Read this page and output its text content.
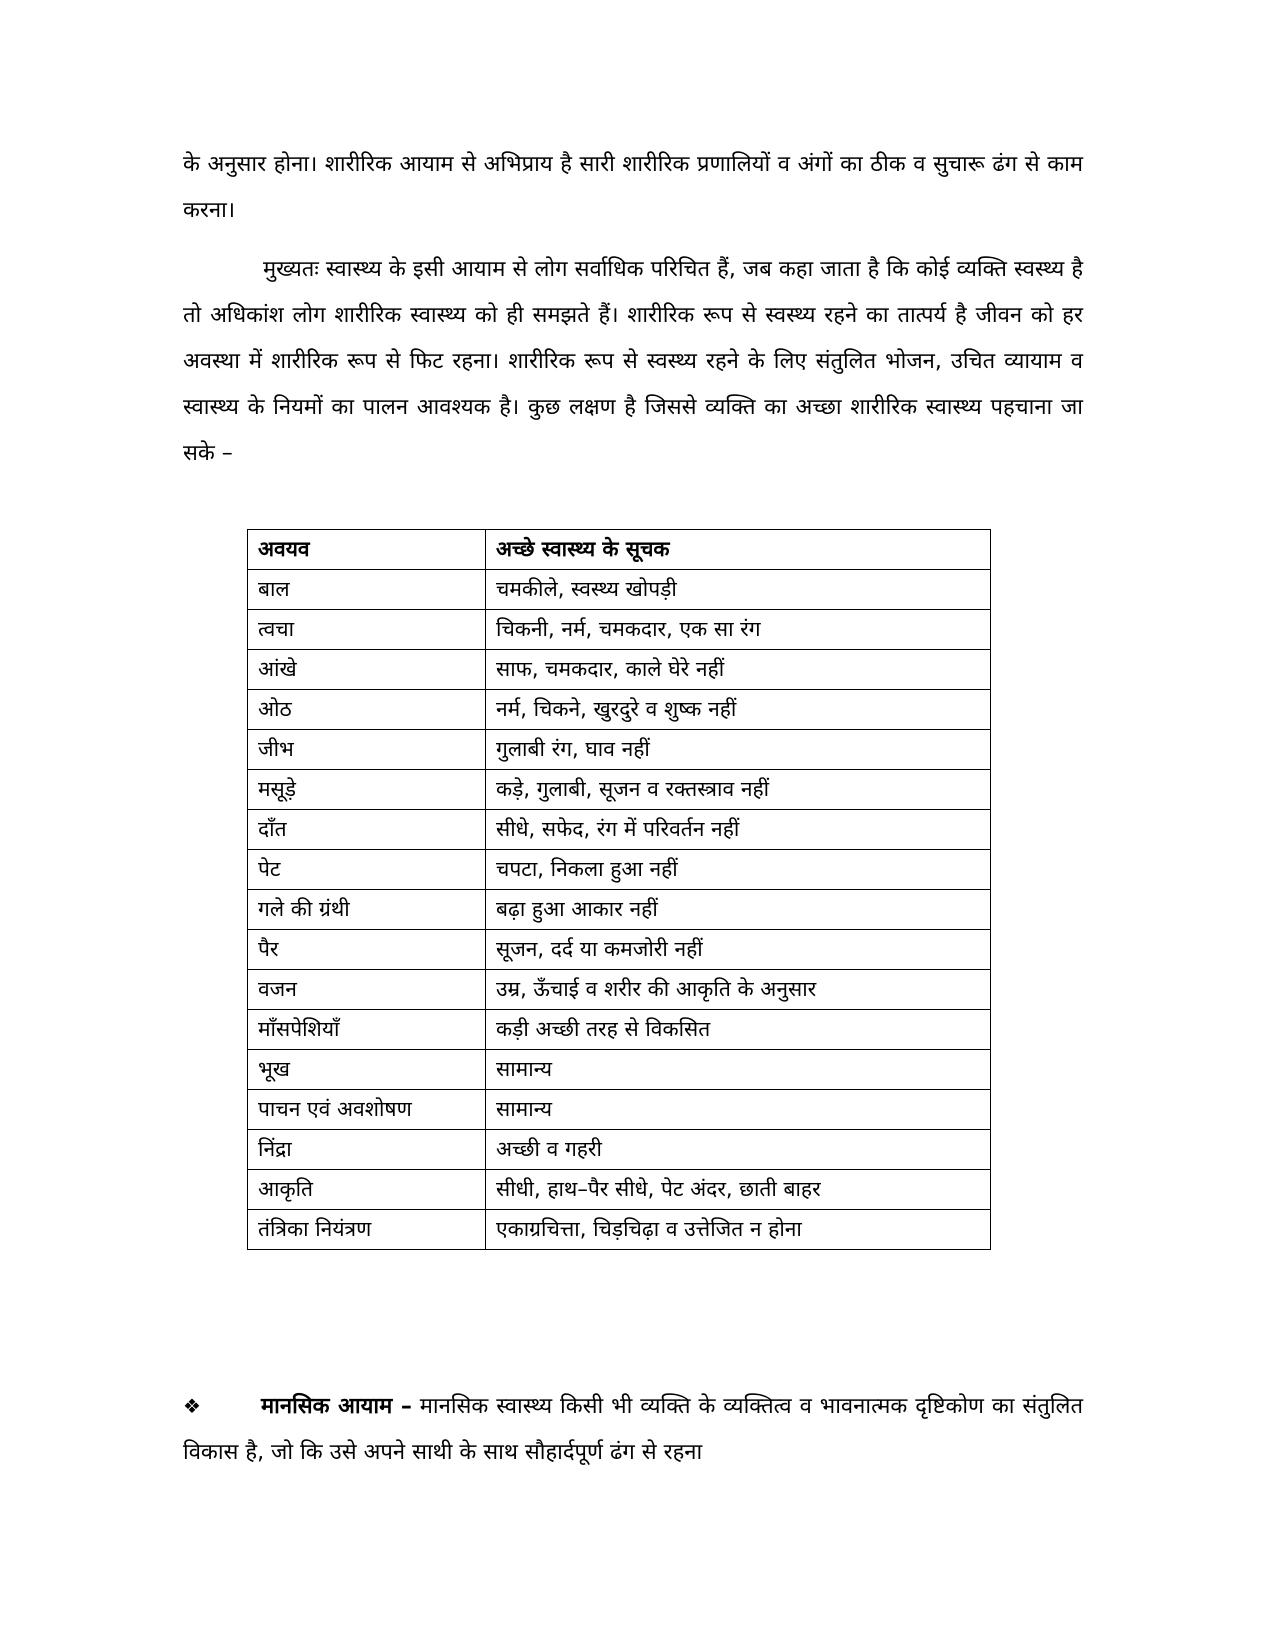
के अनुसार होना। शारीरिक आयाम से अभिप्राय है सारी शारीरिक प्रणालियों व अंगों का ठीक व सुचारू ढंग से काम करना।

मुख्यतः स्वास्थ्य के इसी आयाम से लोग सर्वाधिक परिचित हैं, जब कहा जाता है कि कोई व्यक्ति स्वस्थ्य है तो अधिकांश लोग शारीरिक स्वास्थ्य को ही समझते हैं। शारीरिक रूप से स्वस्थ्य रहने का तात्पर्य है जीवन को हर अवस्था में शारीरिक रूप से फिट रहना। शारीरिक रूप से स्वस्थ्य रहने के लिए संतुलित भोजन, उचित व्यायाम व स्वास्थ्य के नियमों का पालन आवश्यक है। कुछ लक्षण है जिससे व्यक्ति का अच्छा शारीरिक स्वास्थ्य पहचाना जा सके –

अवयव	अच्छे स्वास्थ्य के सूचक
बाल	चमकीले, स्वस्थ्य खोपड़ी
त्वचा	चिकनी, नर्म, चमकदार, एक सा रंग
आंखे	साफ, चमकदार, काले घेरे नहीं
ओठ	नर्म, चिकने, खुरदुरे व शुष्क नहीं
जीभ	गुलाबी रंग, घाव नहीं
मसूड़े	कड़े, गुलाबी, सूजन व रक्तस्त्राव नहीं
दाँत	सीधे, सफेद, रंग में परिवर्तन नहीं
पेट	चपटा, निकला हुआ नहीं
गले की ग्रंथी	बढ़ा हुआ आकार नहीं
पैर	सूजन, दर्द या कमजोरी नहीं
वजन	उम्र, ऊँचाई व शरीर की आकृति के अनुसार
माँसपेशियाँ	कड़ी अच्छी तरह से विकसित
भूख	सामान्य
पाचन एवं अवशोषण	सामान्य
निंद्रा	अच्छी व गहरी
आकृति	सीधी, हाथ–पैर सीधे, पेट अंदर, छाती बाहर
तंत्रिका नियंत्रण	एकाग्रचित्ता, चिड़चिढ़ा व उत्तेजित न होना

❖	मानसिक आयाम – मानसिक स्वास्थ्य किसी भी व्यक्ति के व्यक्तित्व व भावनात्मक दृष्टिकोण का संतुलित विकास है, जो कि उसे अपने साथी के साथ सौहार्दपूर्ण ढंग से रहना
